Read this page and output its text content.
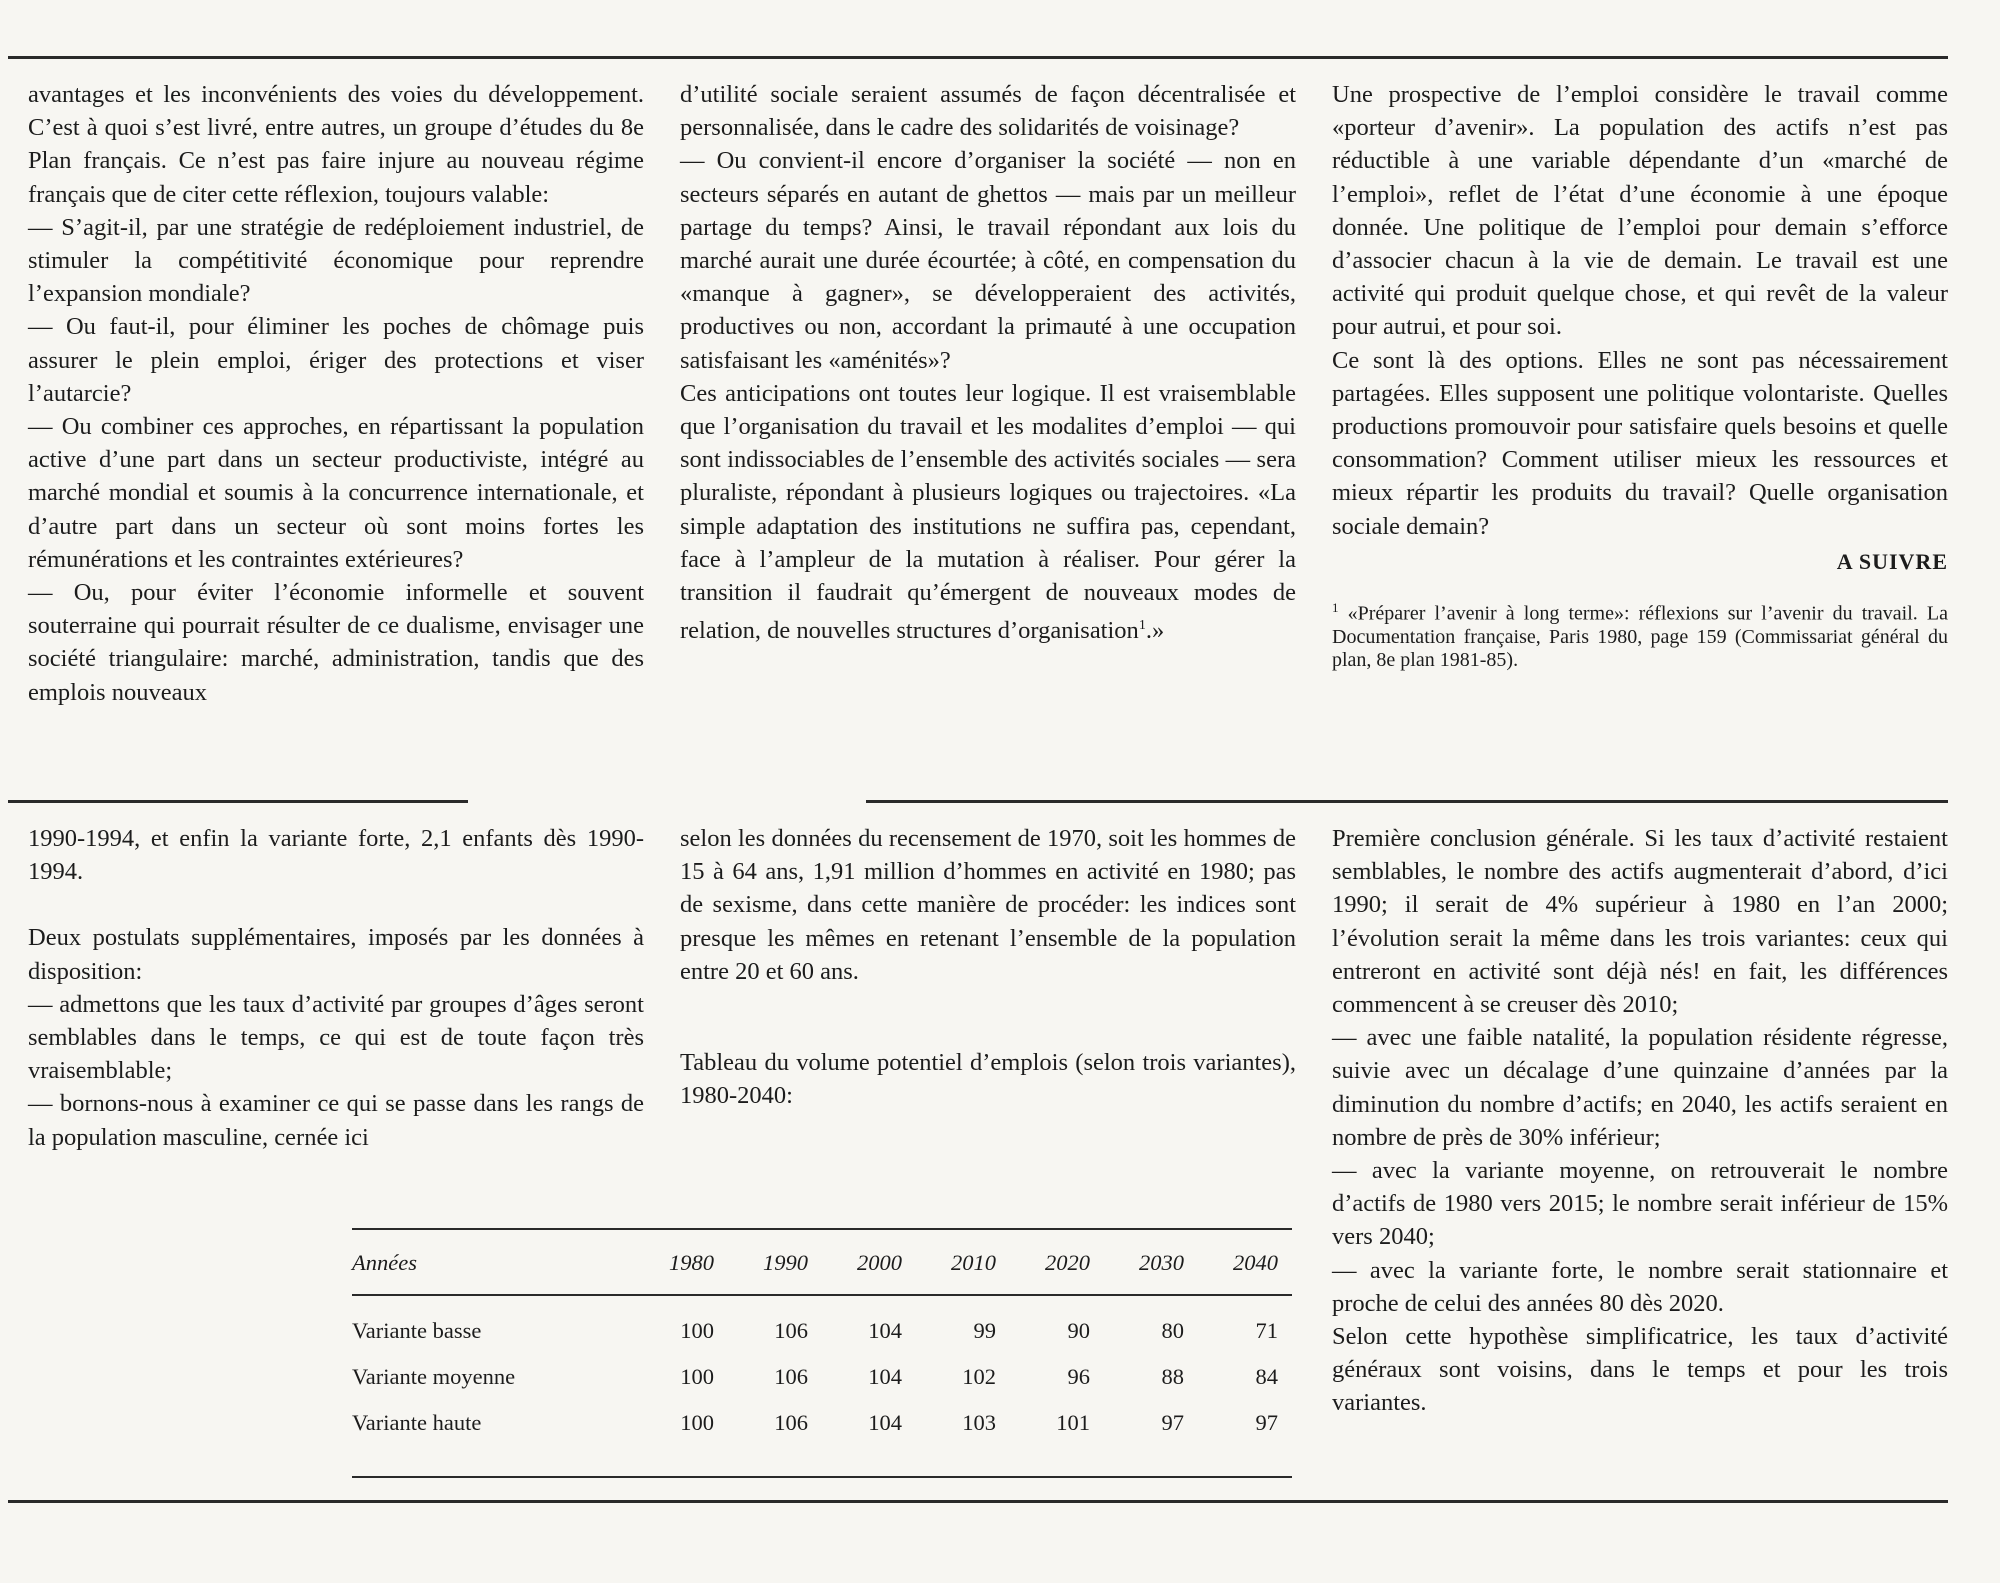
avantages et les inconvénients des voies du développement. C’est à quoi s’est livré, entre autres, un groupe d’études du 8e Plan français. Ce n’est pas faire injure au nouveau régime français que de citer cette réflexion, toujours valable:

— S’agit-il, par une stratégie de redéploiement industriel, de stimuler la compétitivité économique pour reprendre l’expansion mondiale?

— Ou faut-il, pour éliminer les poches de chômage puis assurer le plein emploi, ériger des protections et viser l’autarcie?

— Ou combiner ces approches, en répartissant la population active d’une part dans un secteur productiviste, intégré au marché mondial et soumis à la concurrence internationale, et d’autre part dans un secteur où sont moins fortes les rémunérations et les contraintes extérieures?

— Ou, pour éviter l’économie informelle et souvent souterraine qui pourrait résulter de ce dualisme, envisager une société triangulaire: marché, administration, tandis que des emplois nouveaux

d’utilité sociale seraient assumés de façon décentralisée et personnalisée, dans le cadre des solidarités de voisinage?

— Ou convient-il encore d’organiser la société — non en secteurs séparés en autant de ghettos — mais par un meilleur partage du temps? Ainsi, le travail répondant aux lois du marché aurait une durée écourtée; à côté, en compensation du «manque à gagner», se développeraient des activités, productives ou non, accordant la primauté à une occupation satisfaisant les «aménités»?

Ces anticipations ont toutes leur logique. Il est vraisemblable que l’organisation du travail et les modalites d’emploi — qui sont indissociables de l’ensemble des activités sociales — sera pluraliste, répondant à plusieurs logiques ou trajectoires. «La simple adaptation des institutions ne suffira pas, cependant, face à l’ampleur de la mutation à réaliser. Pour gérer la transition il faudrait qu’émergent de nouveaux modes de relation, de nouvelles structures d’organisation$^1$.»

Une prospective de l’emploi considère le travail comme «porteur d’avenir». La population des actifs n’est pas réductible à une variable dépendante d’un «marché de l’emploi», reflet de l’état d’une économie à une époque donnée. Une politique de l’emploi pour demain s’efforce d’associer chacun à la vie de demain. Le travail est une activité qui produit quelque chose, et qui revêt de la valeur pour autrui, et pour soi.

Ce sont là des options. Elles ne sont pas nécessairement partagées. Elles supposent une politique volontariste. Quelles productions promouvoir pour satisfaire quels besoins et quelle consommation? Comment utiliser mieux les ressources et mieux répartir les produits du travail? Quelle organisation sociale demain?

A SUIVRE
$^1$ «Préparer l’avenir à long terme»: réflexions sur l’avenir du travail. La Documentation française, Paris 1980, page 159 (Commissariat général du plan, 8e plan 1981-85).

1990-1994, et enfin la variante forte, 2,1 enfants dès 1990-1994.

Deux postulats supplémentaires, imposés par les données à disposition:

— admettons que les taux d’activité par groupes d’âges seront semblables dans le temps, ce qui est de toute façon très vraisemblable;

— bornons-nous à examiner ce qui se passe dans les rangs de la population masculine, cernée ici

selon les données du recensement de 1970, soit les hommes de 15 à 64 ans, 1,91 million d’hommes en activité en 1980; pas de sexisme, dans cette manière de procéder: les indices sont presque les mêmes en retenant l’ensemble de la population entre 20 et 60 ans.

Tableau du volume potentiel d’emplois (selon trois variantes), 1980-2040:

Première conclusion générale. Si les taux d’activité restaient semblables, le nombre des actifs augmenterait d’abord, d’ici 1990; il serait de 4% supérieur à 1980 en l’an 2000; l’évolution serait la même dans les trois variantes: ceux qui entreront en activité sont déjà nés! en fait, les différences commencent à se creuser dès 2010;

— avec une faible natalité, la population résidente régresse, suivie avec un décalage d’une quinzaine d’années par la diminution du nombre d’actifs; en 2040, les actifs seraient en nombre de près de 30% inférieur;

— avec la variante moyenne, on retrouverait le nombre d’actifs de 1980 vers 2015; le nombre serait inférieur de 15% vers 2040;

— avec la variante forte, le nombre serait stationnaire et proche de celui des années 80 dès 2020.

Selon cette hypothèse simplificatrice, les taux d’activité généraux sont voisins, dans le temps et pour les trois variantes.

Années	1980	1990	2000	2010	2020	2030	2040
Variante basse	100	106	104	99	90	80	71
Variante moyenne	100	106	104	102	96	88	84
Variante haute	100	106	104	103	101	97	97
